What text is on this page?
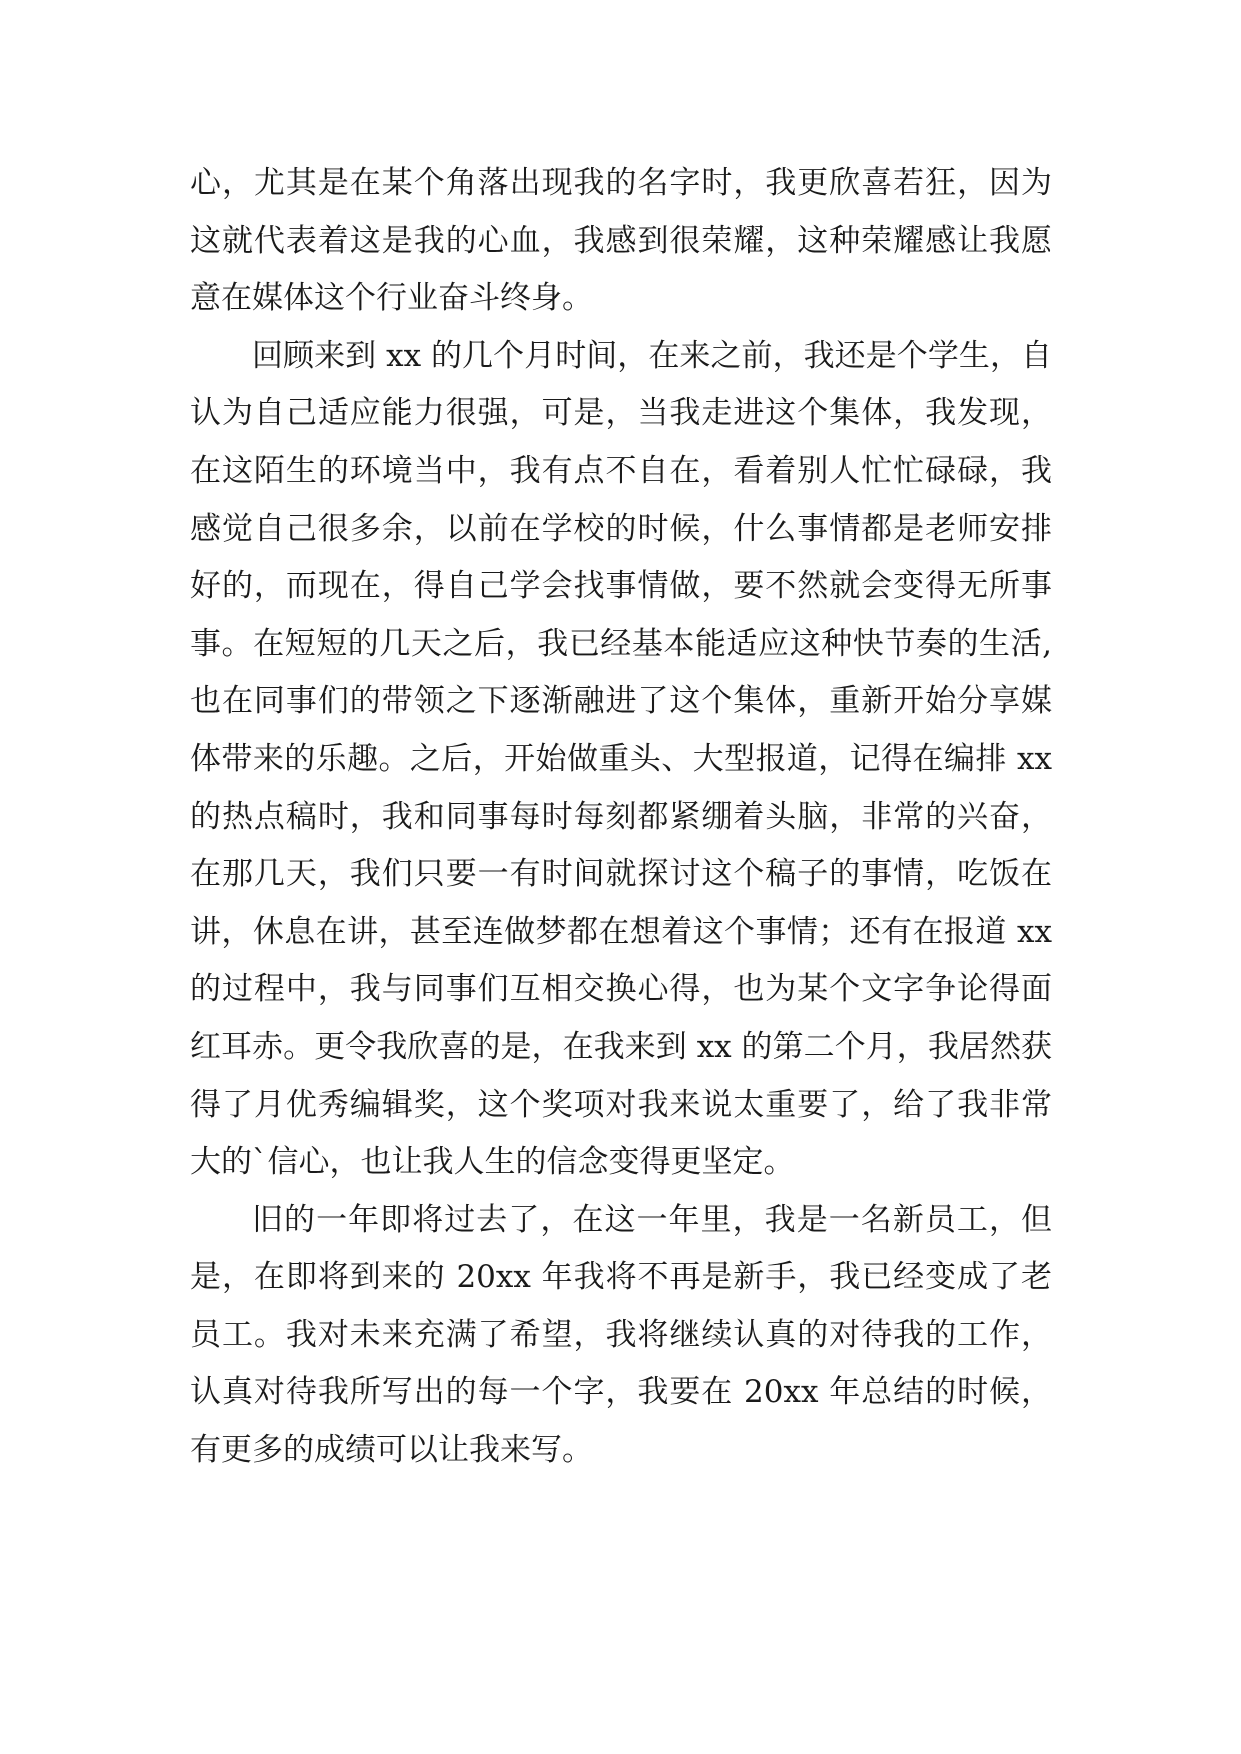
心，尤其是在某个角落出现我的名字时，我更欣喜若狂，因为这就代表着这是我的心血，我感到很荣耀，这种荣耀感让我愿意在媒体这个行业奋斗终身。

回顾来到 xx 的几个月时间，在来之前，我还是个学生，自认为自己适应能力很强，可是，当我走进这个集体，我发现，在这陌生的环境当中，我有点不自在，看着别人忙忙碌碌，我感觉自己很多余，以前在学校的时候，什么事情都是老师安排好的，而现在，得自己学会找事情做，要不然就会变得无所事事。在短短的几天之后，我已经基本能适应这种快节奏的生活,也在同事们的带领之下逐渐融进了这个集体，重新开始分享媒体带来的乐趣。之后，开始做重头、大型报道，记得在编排 xx 的热点稿时，我和同事每时每刻都紧绷着头脑，非常的兴奋，在那几天，我们只要一有时间就探讨这个稿子的事情，吃饭在讲，休息在讲，甚至连做梦都在想着这个事情；还有在报道 xx 的过程中，我与同事们互相交换心得，也为某个文字争论得面红耳赤。更令我欣喜的是，在我来到 xx 的第二个月，我居然获得了月优秀编辑奖，这个奖项对我来说太重要了，给了我非常大的`信心，也让我人生的信念变得更坚定。

旧的一年即将过去了，在这一年里，我是一名新员工，但是，在即将到来的 20xx 年我将不再是新手，我已经变成了老员工。我对未来充满了希望，我将继续认真的对待我的工作，认真对待我所写出的每一个字，我要在 20xx 年总结的时候，有更多的成绩可以让我来写。
